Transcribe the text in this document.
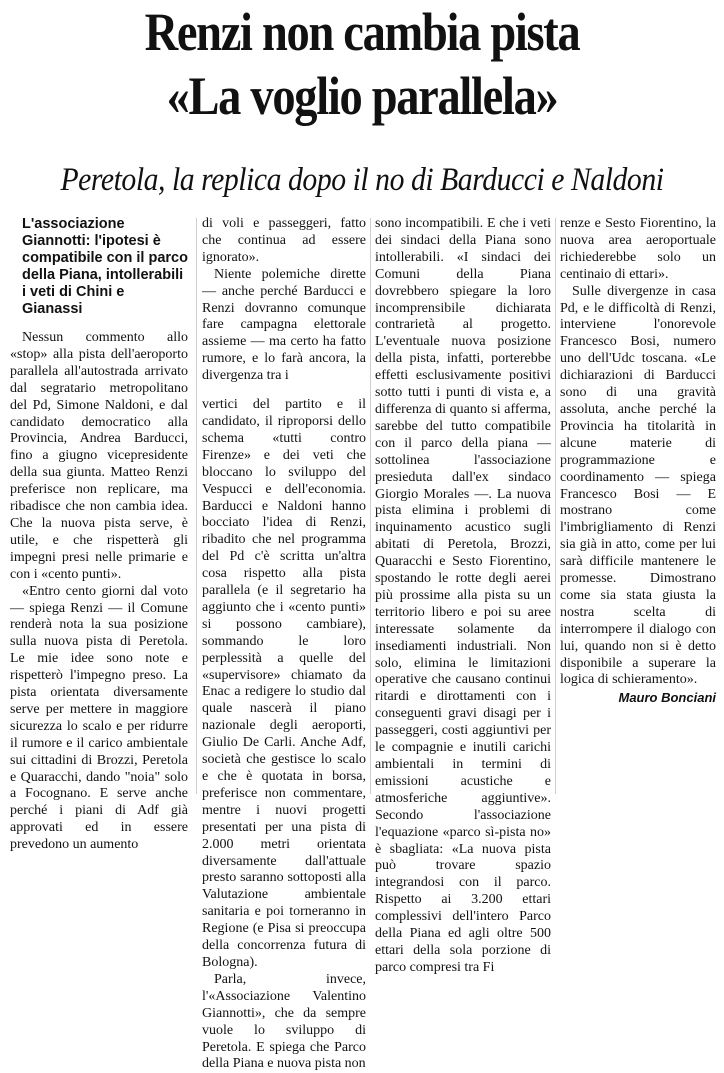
Renzi non cambia pista
«La voglio parallela»
Peretola, la replica dopo il no di Barducci e Naldoni
L'associazione Giannotti: l'ipotesi è compatibile con il parco della Piana, intollerabili i veti di Chini e Gianassi

Nessun commento allo «stop» alla pista dell'aeroporto parallela all'autostrada arrivato dal segratario metropolitano del Pd, Simone Naldoni, e dal candidato democratico alla Provincia, Andrea Barducci, fino a giugno vicepresidente della sua giunta. Matteo Renzi preferisce non replicare, ma ribadisce che non cambia idea. Che la nuova pista serve, è utile, e che rispetterà gli impegni presi nelle primarie e con i «cento punti».

«Entro cento giorni dal voto — spiega Renzi — il Comune renderà nota la sua posizione sulla nuova pista di Peretola. Le mie idee sono note e rispetterò l'impegno preso. La pista orientata diversamente serve per mettere in maggiore sicurezza lo scalo e per ridurre il rumore e il carico ambientale sui cittadini di Brozzi, Peretola e Quaracchi, dando "noia" solo a Focognano. E serve anche perché i piani di Adf già approvati ed in essere prevedono un aumento

di voli e passeggeri, fatto che continua ad essere ignorato».

Niente polemiche dirette — anche perché Barducci e Renzi dovranno comunque fare campagna elettorale assieme — ma certo ha fatto rumore, e lo farà ancora, la divergenza tra i

vertici del partito e il candidato, il riproporsi dello schema «tutti contro Firenze» e dei veti che bloccano lo sviluppo del Vespucci e dell'economia. Barducci e Naldoni hanno bocciato l'idea di Renzi, ribadito che nel programma del Pd c'è scritta un'altra cosa rispetto alla pista parallela (e il segretario ha aggiunto che i «cento punti» si possono cambiare), sommando le loro perplessità a quelle del «supervisore» chiamato da Enac a redigere lo studio dal quale nascerà il piano nazionale degli aeroporti, Giulio De Carli. Anche Adf, società che gestisce lo scalo e che è quotata in borsa, preferisce non commentare, mentre i nuovi progetti presentati per una pista di 2.000 metri orientata diversamente dall'attuale presto saranno sottoposti alla Valutazione ambientale sanitaria e poi torneranno in Regione (e Pisa si preoccupa della concorrenza futura di Bologna).

Parla, invece, l'«Associazione Valentino Giannotti», che da sempre vuole lo sviluppo di Peretola. E spiega che Parco della Piana e nuova pista non

sono incompatibili. E che i veti dei sindaci della Piana sono intollerabili. «I sindaci dei Comuni della Piana dovrebbero spiegare la loro incomprensibile dichiarata contrarietà al progetto. L'eventuale nuova posizione della pista, infatti, porterebbe effetti esclusivamente positivi sotto tutti i punti di vista e, a differenza di quanto si afferma, sarebbe del tutto compatibile con il parco della piana — sottolinea l'associazione presieduta dall'ex sindaco Giorgio Morales —. La nuova pista elimina i problemi di inquinamento acustico sugli abitati di Peretola, Brozzi, Quaracchi e Sesto Fiorentino, spostando le rotte degli aerei più prossime alla pista su un territorio libero e poi su aree interessate solamente da insediamenti industriali. Non solo, elimina le limitazioni operative che causano continui ritardi e dirottamenti con i conseguenti gravi disagi per i passeggeri, costi aggiuntivi per le compagnie e inutili carichi ambientali in termini di emissioni acustiche e atmosferiche aggiuntive». Secondo l'associazione l'equazione «parco sì-pista no» è sbagliata: «La nuova pista può trovare spazio integrandosi con il parco. Rispetto ai 3.200 ettari complessivi dell'intero Parco della Piana ed agli oltre 500 ettari della sola porzione di parco compresi tra Fi

renze e Sesto Fiorentino, la nuova area aeroportuale richiederebbe solo un centinaio di ettari».

Sulle divergenze in casa Pd, e le difficoltà di Renzi, interviene l'onorevole Francesco Bosi, numero uno dell'Udc toscana. «Le dichiarazioni di Barducci sono di una gravità assoluta, anche perché la Provincia ha titolarità in alcune materie di programmazione e coordinamento — spiega Francesco Bosi — E mostrano come l'imbrigliamento di Renzi sia già in atto, come per lui sarà difficile mantenere le promesse. Dimostrano come sia stata giusta la nostra scelta di interrompere il dialogo con lui, quando non si è detto disponibile a superare la logica di schieramento».

Mauro Bonciani
